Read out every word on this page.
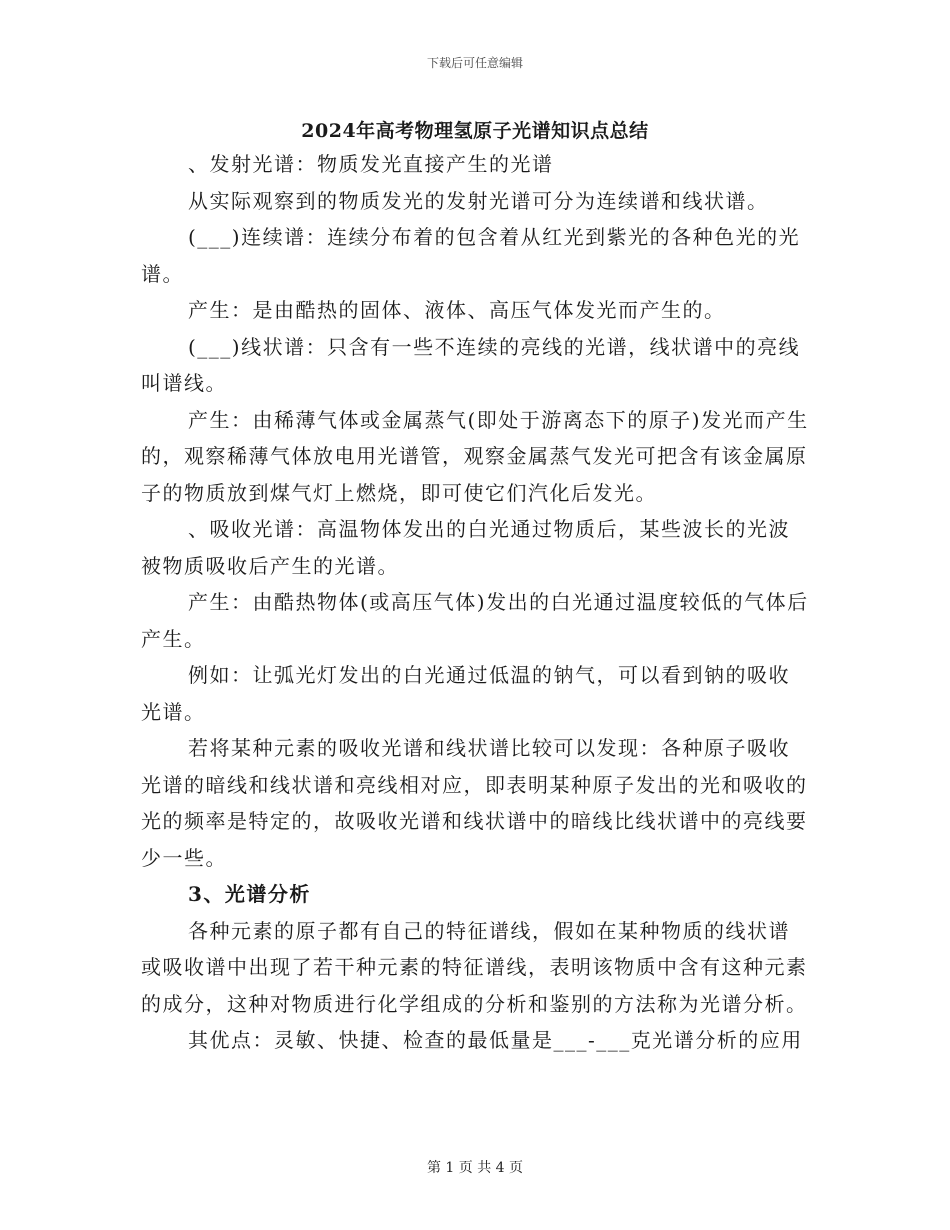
下载后可任意编辑
2024年高考物理氢原子光谱知识点总结

、发射光谱：物质发光直接产生的光谱

从实际观察到的物质发光的发射光谱可分为连续谱和线状谱。

(___)连续谱：连续分布着的包含着从红光到紫光的各种色光的光谱。

产生：是由酷热的固体、液体、高压气体发光而产生的。

(___)线状谱：只含有一些不连续的亮线的光谱，线状谱中的亮线叫谱线。

产生：由稀薄气体或金属蒸气(即处于游离态下的原子)发光而产生的，观察稀薄气体放电用光谱管，观察金属蒸气发光可把含有该金属原子的物质放到煤气灯上燃烧，即可使它们汽化后发光。

、吸收光谱：高温物体发出的白光通过物质后，某些波长的光波被物质吸收后产生的光谱。

产生：由酷热物体(或高压气体)发出的白光通过温度较低的气体后产生。

例如：让弧光灯发出的白光通过低温的钠气，可以看到钠的吸收光谱。

若将某种元素的吸收光谱和线状谱比较可以发现：各种原子吸收光谱的暗线和线状谱和亮线相对应，即表明某种原子发出的光和吸收的光的频率是特定的，故吸收光谱和线状谱中的暗线比线状谱中的亮线要少一些。

3、光谱分析

各种元素的原子都有自己的特征谱线，假如在某种物质的线状谱或吸收谱中出现了若干种元素的特征谱线，表明该物质中含有这种元素的成分，这种对物质进行化学组成的分析和鉴别的方法称为光谱分析。

其优点：灵敏、快捷、检查的最低量是___-___克光谱分析的应用

第 1 页 共 4 页
